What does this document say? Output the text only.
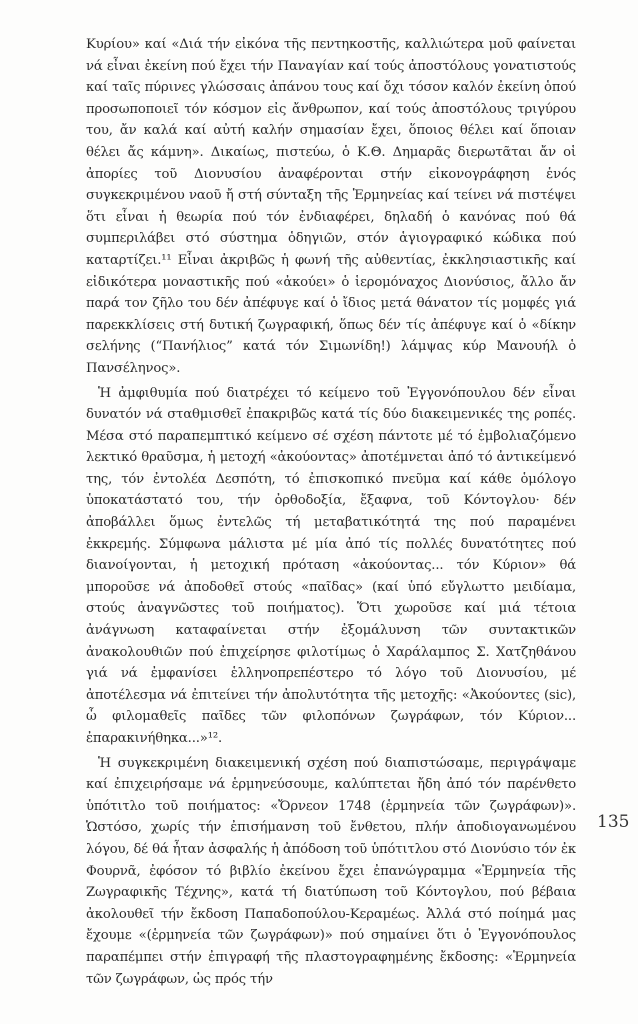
Κυρίου» καί «Διά τήν εἰκόνα τῆς πεντηκοστῆς, καλλιώτερα μοῦ φαίνεται νά εἶναι ἐκείνη πού ἔχει τήν Παναγίαν καί τούς ἀποστόλους γονατιστούς καί ταῖς πύρινες γλώσσαις ἀπάνου τους καί ὄχι τόσον καλόν ἐκείνη ὁπού προσωποποιεῖ τόν κόσμον εἰς ἄνθρωπον, καί τούς ἀποστόλους τριγύρου του, ἄν καλά καί αὐτή καλήν σημασίαν ἔχει, ὅποιος θέλει καί ὅποιαν θέλει ἄς κάμνη». Δικαίως, πιστεύω, ὁ Κ.Θ. Δημαρᾶς διερωτᾶται ἄν οἱ ἀπορίες τοῦ Διονυσίου ἀναφέρονται στήν εἰκονογράφηση ἑνός συγκεκριμένου ναοῦ ἤ στή σύνταξη τῆς Ἑρμηνείας καί τείνει νά πιστέψει ὅτι εἶναι ἡ θεωρία πού τόν ἐνδιαφέρει, δηλαδή ὁ κανόνας πού θά συμπεριλάβει στό σύστημα ὁδηγιῶν, στόν ἁγιογραφικό κώδικα πού καταρτίζει.¹¹ Εἶναι ἀκριβῶς ἡ φωνή τῆς αὐθεντίας, ἐκκλησιαστικῆς καί εἰδικότερα μοναστικῆς πού «ἀκούει» ὁ ἱερομόναχος Διονύσιος, ἄλλο ἄν παρά τον ζῆλο του δέν ἀπέφυγε καί ὁ ἴδιος μετά θάνατον τίς μομφές γιά παρεκκλίσεις στή δυτική ζωγραφική, ὅπως δέν τίς ἀπέφυγε καί ὁ «δίκην σελήνης (“Πανήλιος” κατά τόν Σιμωνίδη!) λάμψας κύρ Μανουήλ ὁ Πανσέληνος».

Ἡ ἀμφιθυμία πού διατρέχει τό κείμενο τοῦ Ἐγγονόπουλου δέν εἶναι δυνατόν νά σταθμισθεῖ ἐπακριβῶς κατά τίς δύο διακειμενικές της ροπές. Μέσα στό παραπεμπτικό κείμενο σέ σχέση πάντοτε μέ τό ἐμβολιαζόμενο λεκτικό θραῦσμα, ἡ μετοχή «ἀκούοντας» ἀποτέμνεται ἀπό τό ἀντικείμενό της, τόν ἐντολέα Δεσπότη, τό ἐπισκοπικό πνεῦμα καί κάθε ὁμόλογο ὑποκατάστατό του, τήν ὀρθοδοξία, ἔξαφνα, τοῦ Κόντογλου· δέν ἀποβάλλει ὅμως ἐντελῶς τή μεταβατικότητά της πού παραμένει ἐκκρεμής. Σύμφωνα μάλιστα μέ μία ἀπό τίς πολλές δυνατότητες πού διανοίγονται, ἡ μετοχική πρόταση «ἀκούοντας... τόν Κύριον» θά μποροῦσε νά ἀποδοθεῖ στούς «παῖδας» (καί ὑπό εὔγλωττο μειδίαμα, στούς ἀναγνῶστες τοῦ ποιήματος). Ὅτι χωροῦσε καί μιά τέτοια ἀνάγνωση καταφαίνεται στήν ἐξομάλυνση τῶν συντακτικῶν ἀνακολουθιῶν πού ἐπιχείρησε φιλοτίμως ὁ Χαράλαμπος Σ. Χατζηθάνου γιά νά ἐμφανίσει ἑλληνοπρεπέστερο τό λόγο τοῦ Διονυσίου, μέ ἀποτέλεσμα νά ἐπιτείνει τήν ἀπολυτότητα τῆς μετοχῆς: «Ἀκούοντες (sic), ὦ φιλομαθεῖς παῖδες τῶν φιλοπόνων ζωγράφων, τόν Κύριον... ἐπαρακινήθηκα...»¹².

Ἡ συγκεκριμένη διακειμενική σχέση πού διαπιστώσαμε, περιγράψαμε καί ἐπιχειρήσαμε νά ἑρμηνεύσουμε, καλύπτεται ἤδη ἀπό τόν παρένθετο ὑπότιτλο τοῦ ποιήματος: «Ὄρνεον 1748 (ἑρμηνεία τῶν ζωγράφων)». Ὡστόσο, χωρίς τήν ἐπισήμανση τοῦ ἔνθετου, πλήν ἀποδιογανωμένου λόγου, δέ θά ἦταν ἀσφαλής ἡ ἀπόδοση τοῦ ὑπότιτλου στό Διονύσιο τόν ἐκ Φουρνᾶ, ἐφόσον τό βιβλίο ἐκείνου ἔχει ἐπανώγραμμα «Ἑρμηνεία τῆς Ζωγραφικῆς Τέχνης», κατά τή διατύπωση τοῦ Κόντογλου, πού βέβαια ἀκολουθεῖ τήν ἔκδοση Παπαδοπούλου-Κεραμέως. Ἀλλά στό ποίημά μας ἔχουμε «(ἑρμηνεία τῶν ζωγράφων)» πού σημαίνει ὅτι ὁ Ἐγγονόπουλος παραπέμπει στήν ἐπιγραφή τῆς πλαστογραφημένης ἔκδοσης: «Ἑρμηνεία τῶν ζωγράφων, ὡς πρός τήν

135
